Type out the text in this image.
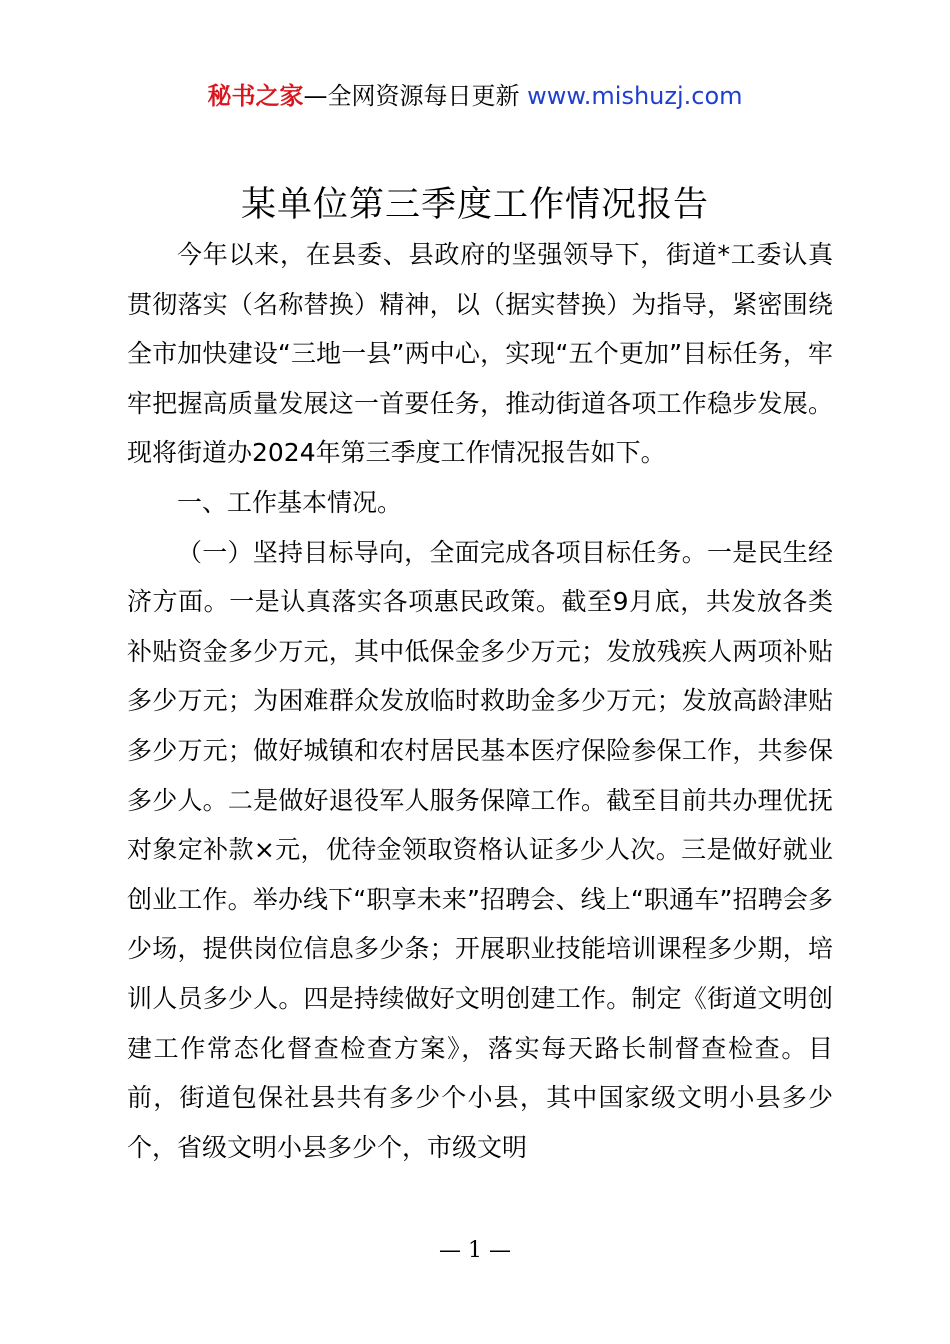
秘书之家—全网资源每日更新 www.mishuzj.com
某单位第三季度工作情况报告

今年以来，在县委、县政府的坚强领导下，街道*工委认真贯彻落实（名称替换）精神，以（据实替换）为指导，紧密围绕全市加快建设“三地一县”两中心，实现“五个更加”目标任务，牢牢把握高质量发展这一首要任务，推动街道各项工作稳步发展。现将街道办2024年第三季度工作情况报告如下。

一、工作基本情况。

（一）坚持目标导向，全面完成各项目标任务。一是民生经济方面。一是认真落实各项惠民政策。截至9月底，共发放各类补贴资金多少万元，其中低保金多少万元；发放残疾人两项补贴多少万元；为困难群众发放临时救助金多少万元；发放高龄津贴多少万元；做好城镇和农村居民基本医疗保险参保工作，共参保多少人。二是做好退役军人服务保障工作。截至目前共办理优抚对象定补款×元，优待金领取资格认证多少人次。三是做好就业创业工作。举办线下“职享未来”招聘会、线上“职通车”招聘会多少场，提供岗位信息多少条；开展职业技能培训课程多少期，培训人员多少人。四是持续做好文明创建工作。制定《街道文明创建工作常态化督查检查方案》，落实每天路长制督查检查。目前，街道包保社县共有多少个小县，其中国家级文明小县多少个，省级文明小县多少个，市级文明

— 1 —
